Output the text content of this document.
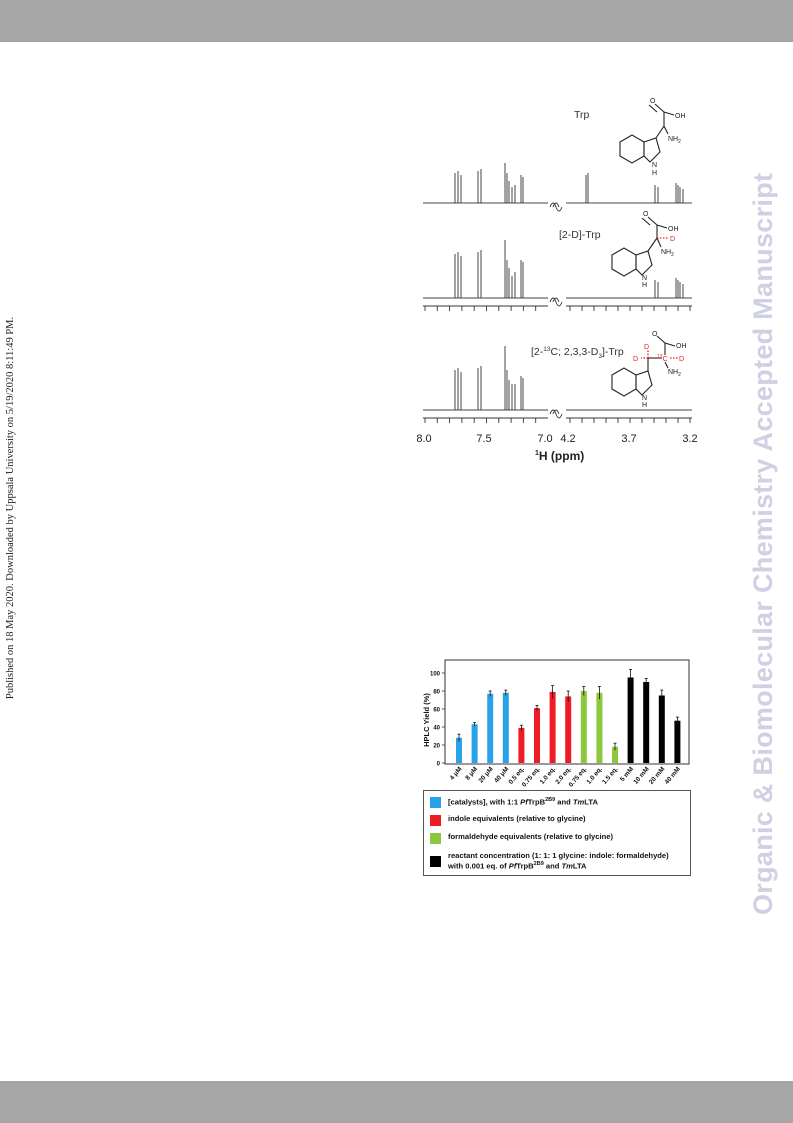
Published on 18 May 2020. Downloaded by Uppsala University on 5/19/2020 8:11:49 PM.	Organic & Biomolecular Chemistry Accepted Manuscript
Trp
[2-D]-Trp
[2-$^{13}$C; $2,3,3-D_3$]-Trp
O
OH
$NH_2$
N
H
O
OH
D
$NH_2$
N
H
O
OH
D
D	$^{13}$C D
$NH_2$
N
H
8.0	7.5	7.0 4.2	3.7	3.2
$^1$H (ppm)
0
20
40
60
80
100
4 μM 8 μM
20 μM
40 μM
0.5 eq.
0.75 eq.
1.0 eq.
2.0 eq.
0.75 eq.
1.0 eq.
1.5 eq. 5 mM
10 mM
20 mM
40 mM
HPLC Yield (%)
[catalysts], with 1:1 PfTrpB$^{2B9}$ and TmLTA
indole equivalents (relative to glycine)
formaldehyde equivalents (relative to glycine)
reactant concentration (1: 1: 1 glycine: indole: formaldehyde) with 0.001 eq. of PfTrpB$^{2B9}$ and TmLTA
